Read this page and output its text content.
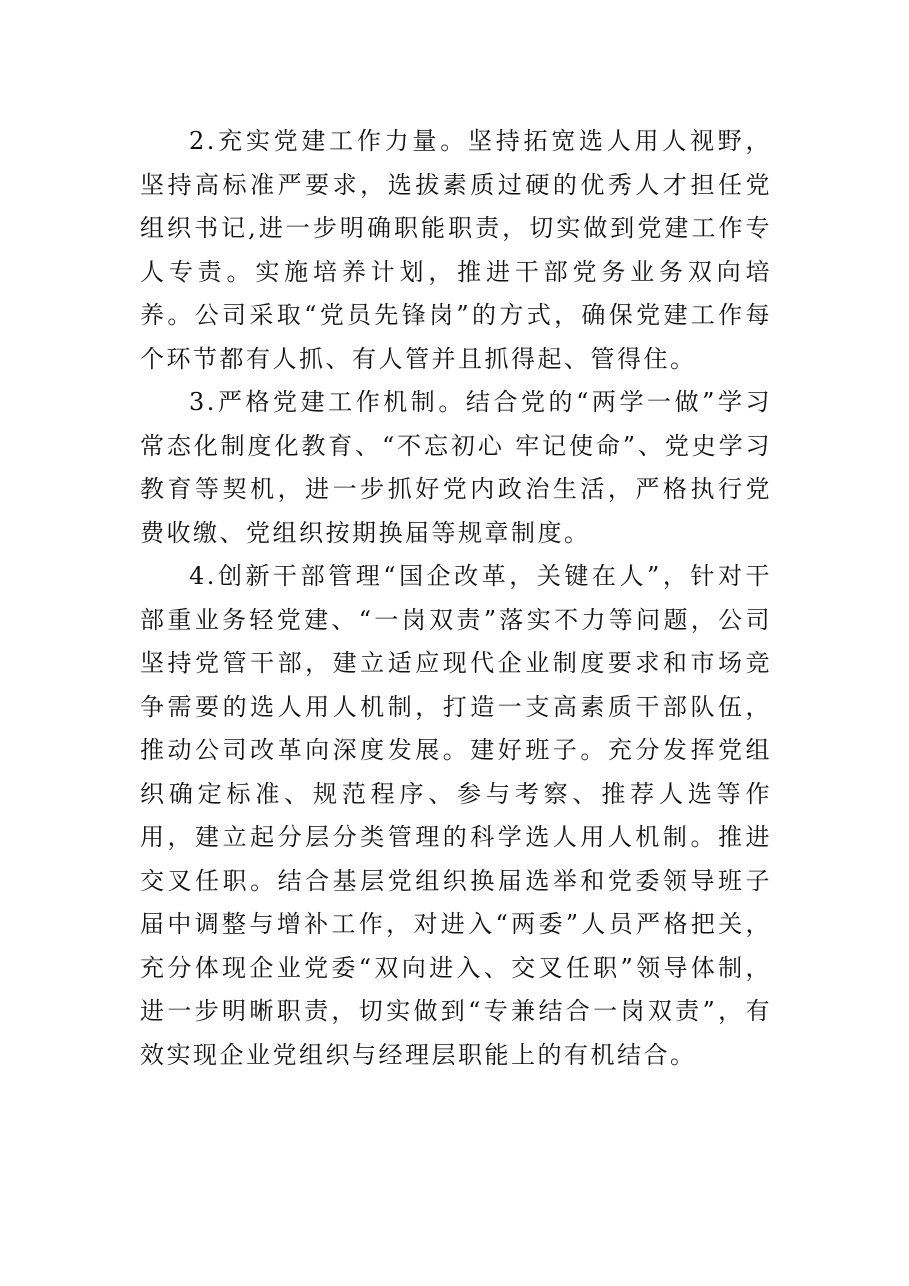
2.充实党建工作力量。坚持拓宽选人用人视野，坚持高标准严要求，选拔素质过硬的优秀人才担任党组织书记,进一步明确职能职责，切实做到党建工作专人专责。实施培养计划，推进干部党务业务双向培养。公司采取“党员先锋岗”的方式，确保党建工作每个环节都有人抓、有人管并且抓得起、管得住。

3.严格党建工作机制。结合党的“两学一做”学习常态化制度化教育、“不忘初心 牢记使命”、党史学习教育等契机，进一步抓好党内政治生活，严格执行党费收缴、党组织按期换届等规章制度。

4.创新干部管理“国企改革，关键在人”，针对干部重业务轻党建、“一岗双责”落实不力等问题，公司坚持党管干部，建立适应现代企业制度要求和市场竞争需要的选人用人机制，打造一支高素质干部队伍，推动公司改革向深度发展。建好班子。充分发挥党组织确定标准、规范程序、参与考察、推荐人选等作用，建立起分层分类管理的科学选人用人机制。推进交叉任职。结合基层党组织换届选举和党委领导班子届中调整与增补工作，对进入“两委”人员严格把关，充分体现企业党委“双向进入、交叉任职”领导体制，进一步明晰职责，切实做到“专兼结合一岗双责”，有效实现企业党组织与经理层职能上的有机结合。
